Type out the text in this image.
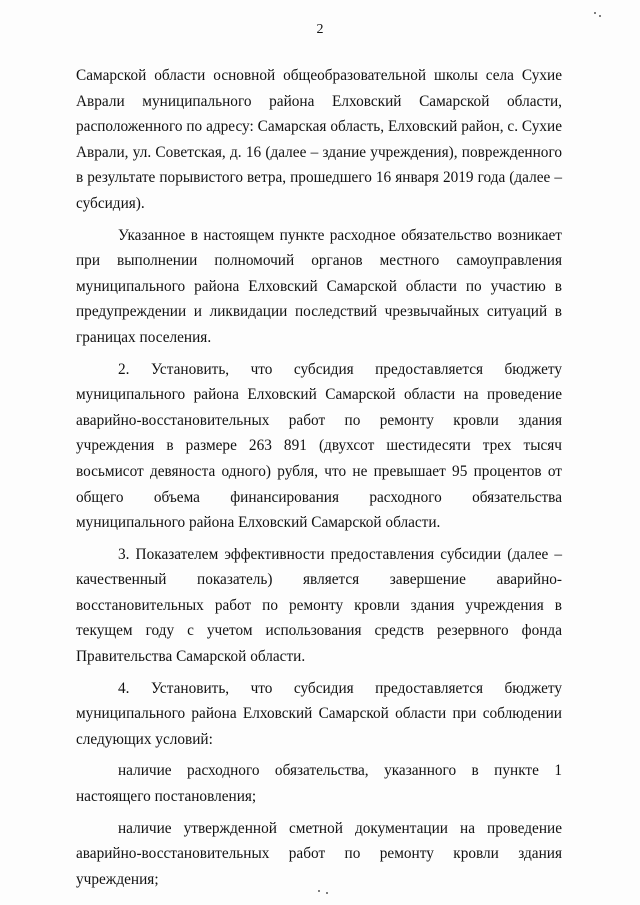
2

Самарской области основной общеобразовательной школы села Сухие Аврали муниципального района Елховский Самарской области, расположенного по адресу: Самарская область, Елховский район, с. Сухие Аврали, ул. Советская, д. 16 (далее – здание учреждения), поврежденного в результате порывистого ветра, прошедшего 16 января 2019 года (далее – субсидия).

Указанное в настоящем пункте расходное обязательство возникает при выполнении полномочий органов местного самоуправления муниципального района Елховский Самарской области по участию в предупреждении и ликвидации последствий чрезвычайных ситуаций в границах поселения.

2. Установить, что субсидия предоставляется бюджету муниципального района Елховский Самарской области на проведение аварийно-восстановительных работ по ремонту кровли здания учреждения в размере 263 891 (двухсот шестидесяти трех тысяч восьмисот девяноста одного) рубля, что не превышает 95 процентов от общего объема финансирования расходного обязательства муниципального района Елховский Самарской области.

3. Показателем эффективности предоставления субсидии (далее – качественный показатель) является завершение аварийно-восстановительных работ по ремонту кровли здания учреждения в текущем году с учетом использования средств резервного фонда Правительства Самарской области.

4. Установить, что субсидия предоставляется бюджету муниципального района Елховский Самарской области при соблюдении следующих условий:

наличие расходного обязательства, указанного в пункте 1 настоящего постановления;

наличие утвержденной сметной документации на проведение аварийно-восстановительных работ по ремонту кровли здания учреждения;
